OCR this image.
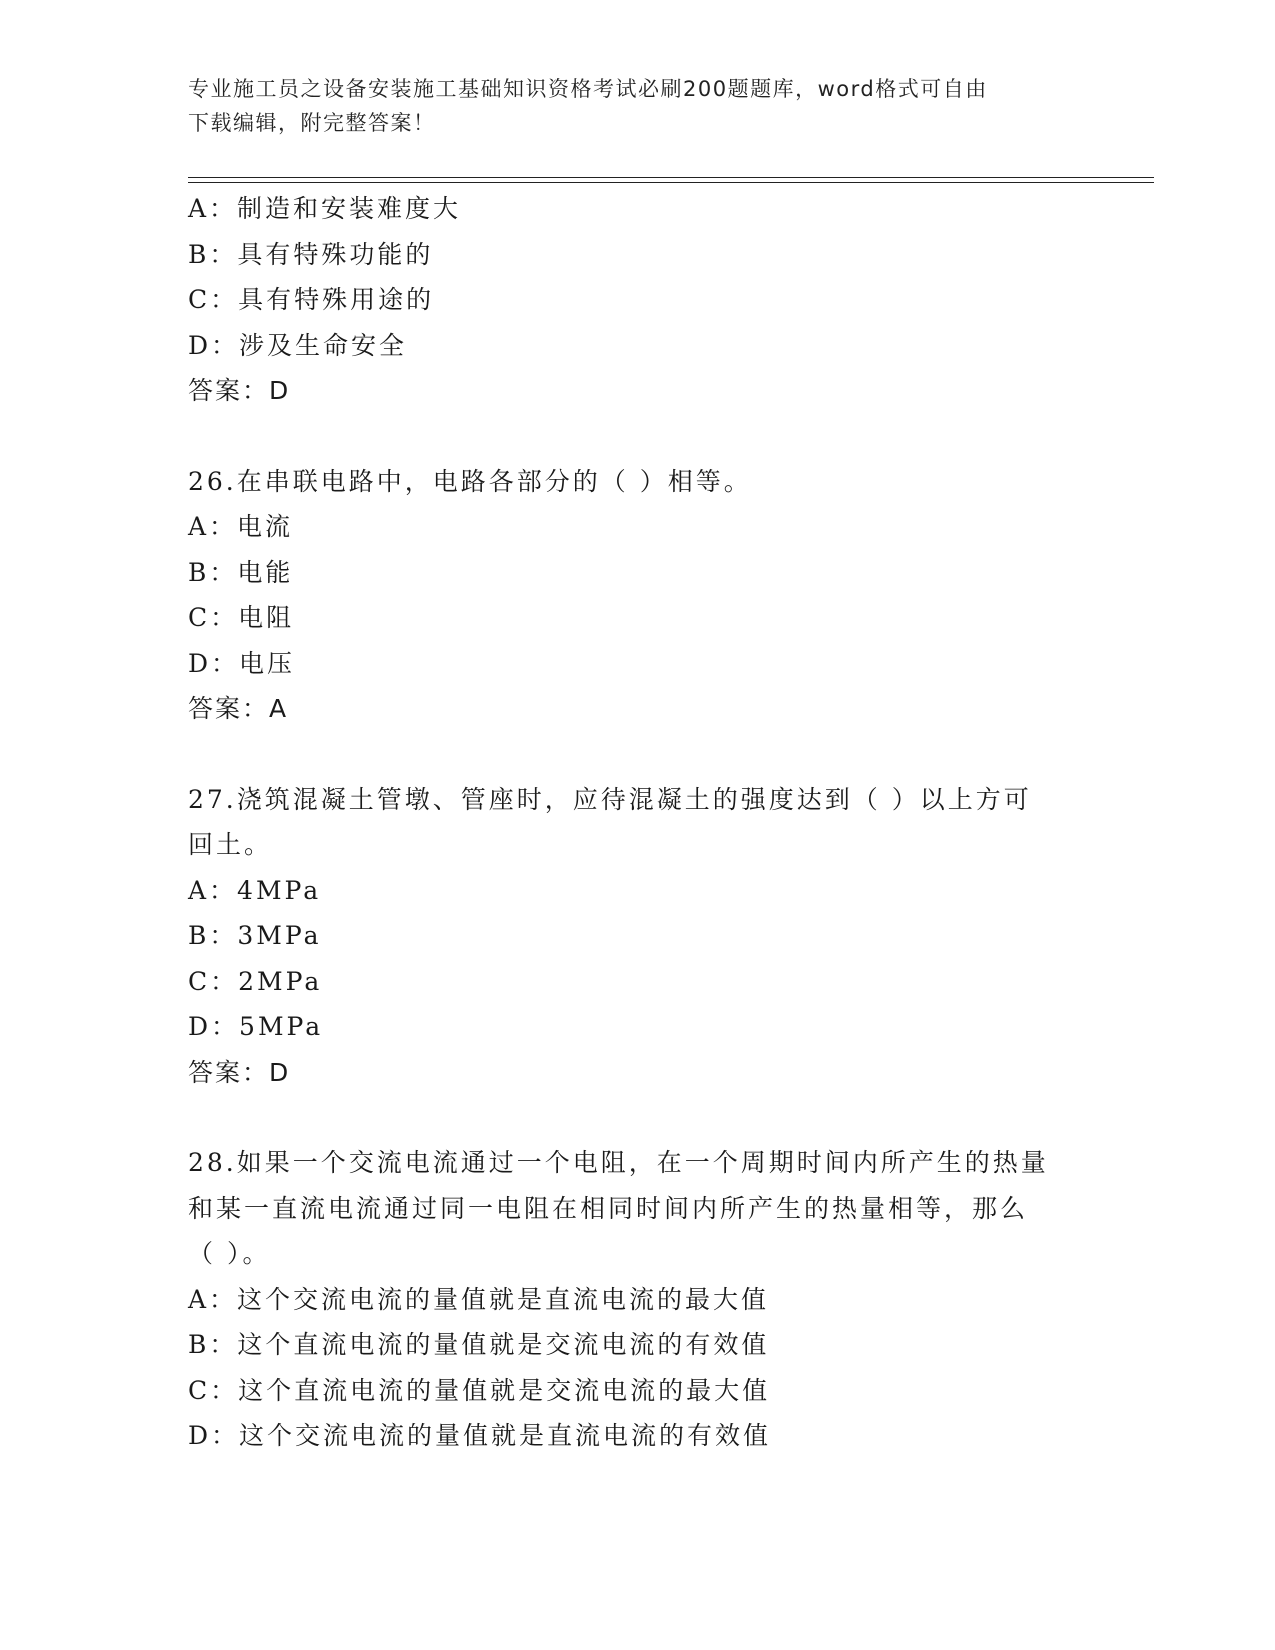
专业施工员之设备安装施工基础知识资格考试必刷200题题库，word格式可自由

下载编辑，附完整答案！

A：制造和安装难度大

B：具有特殊功能的

C：具有特殊用途的

D：涉及生命安全

答案：D

26.在串联电路中，电路各部分的（ ）相等。

A：电流

B：电能

C：电阻

D：电压

答案：A

27.浇筑混凝土管墩、管座时，应待混凝土的强度达到（ ）以上方可

回土。

A：4MPa

B：3MPa

C：2MPa

D：5MPa

答案：D

28.如果一个交流电流通过一个电阻，在一个周期时间内所产生的热量

和某一直流电流通过同一电阻在相同时间内所产生的热量相等，那么

（ ）。

A：这个交流电流的量值就是直流电流的最大值

B：这个直流电流的量值就是交流电流的有效值

C：这个直流电流的量值就是交流电流的最大值

D：这个交流电流的量值就是直流电流的有效值
